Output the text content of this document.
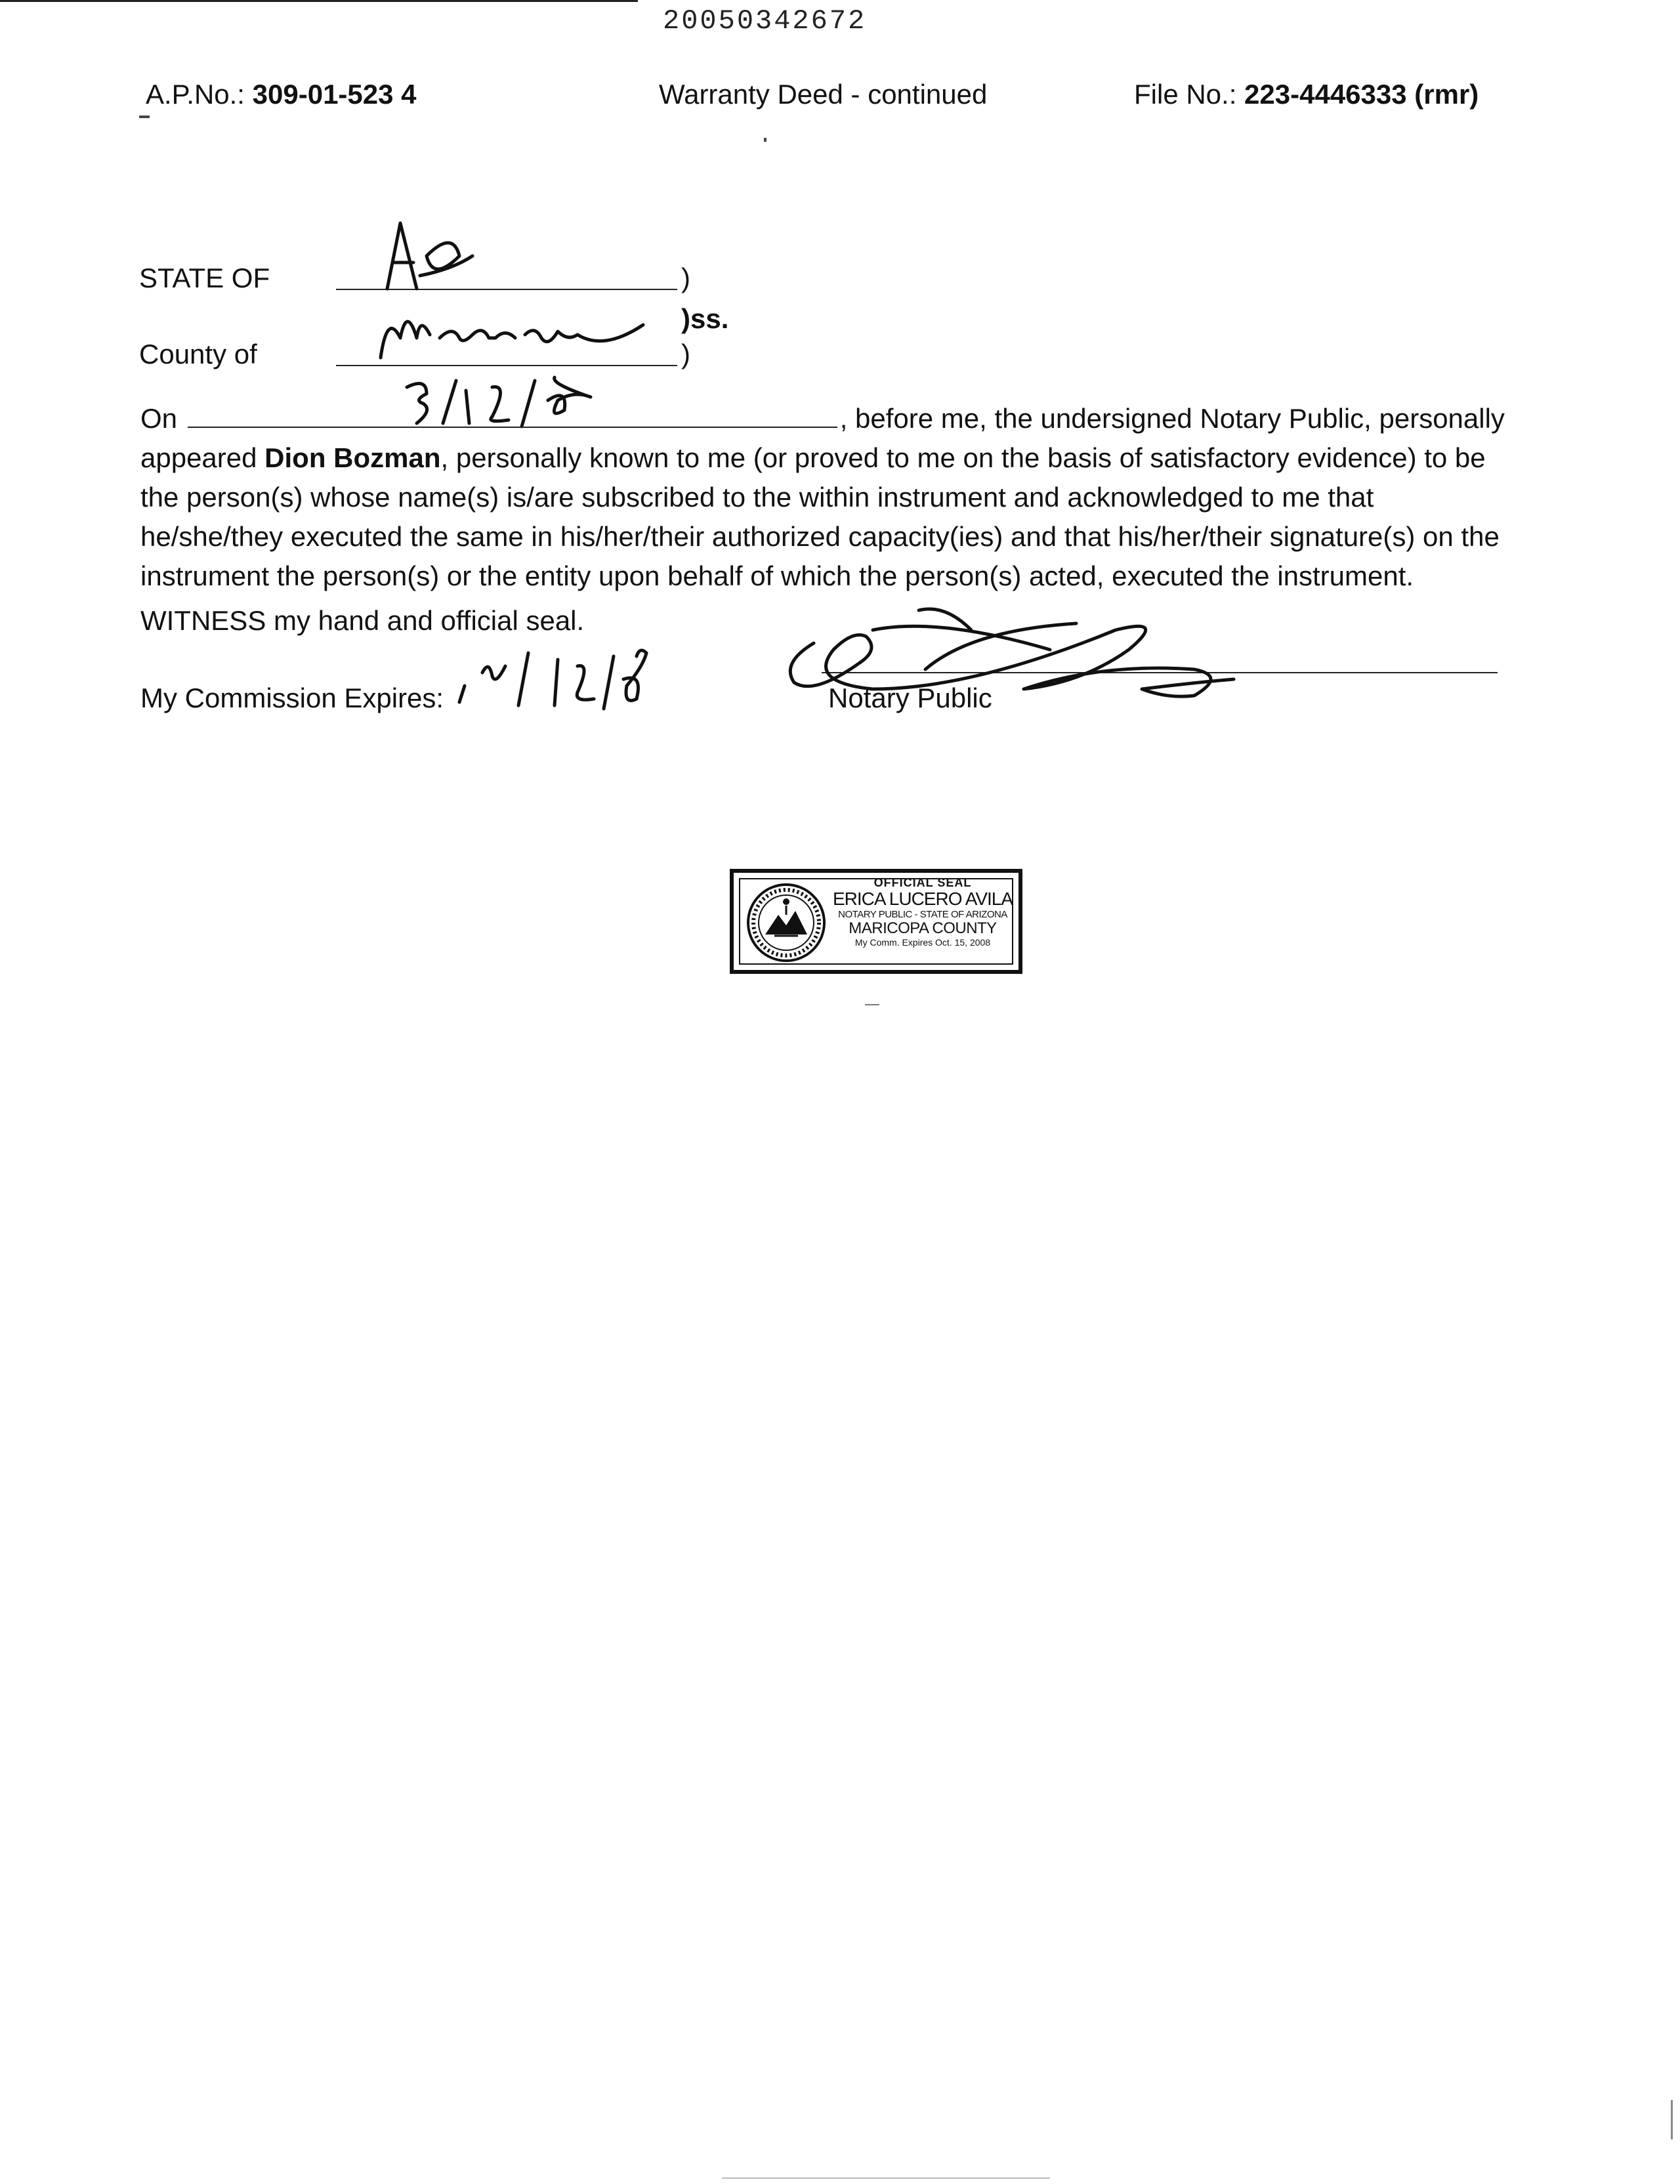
20050342672
A.P.No.: 309-01-523 4	Warranty Deed - continued	File No.: 223-4446333 (rmr)
STATE OF	)
)ss.
County of	)
On	, before me, the undersigned Notary Public, personally appeared Dion Bozman, personally known to me (or proved to me on the basis of satisfactory evidence) to be the person(s) whose name(s) is/are subscribed to the within instrument and acknowledged to me that he/she/they executed the same in his/her/their authorized capacity(ies) and that his/her/their signature(s) on the instrument the person(s) or the entity upon behalf of which the person(s) acted, executed the instrument.
WITNESS my hand and official seal.
My Commission Expires:	Notary Public
OFFICIAL SEAL
ERICA LUCERO AVILA
NOTARY PUBLIC - STATE OF ARIZONA
MARICOPA COUNTY
My Comm. Expires Oct. 15, 2008
